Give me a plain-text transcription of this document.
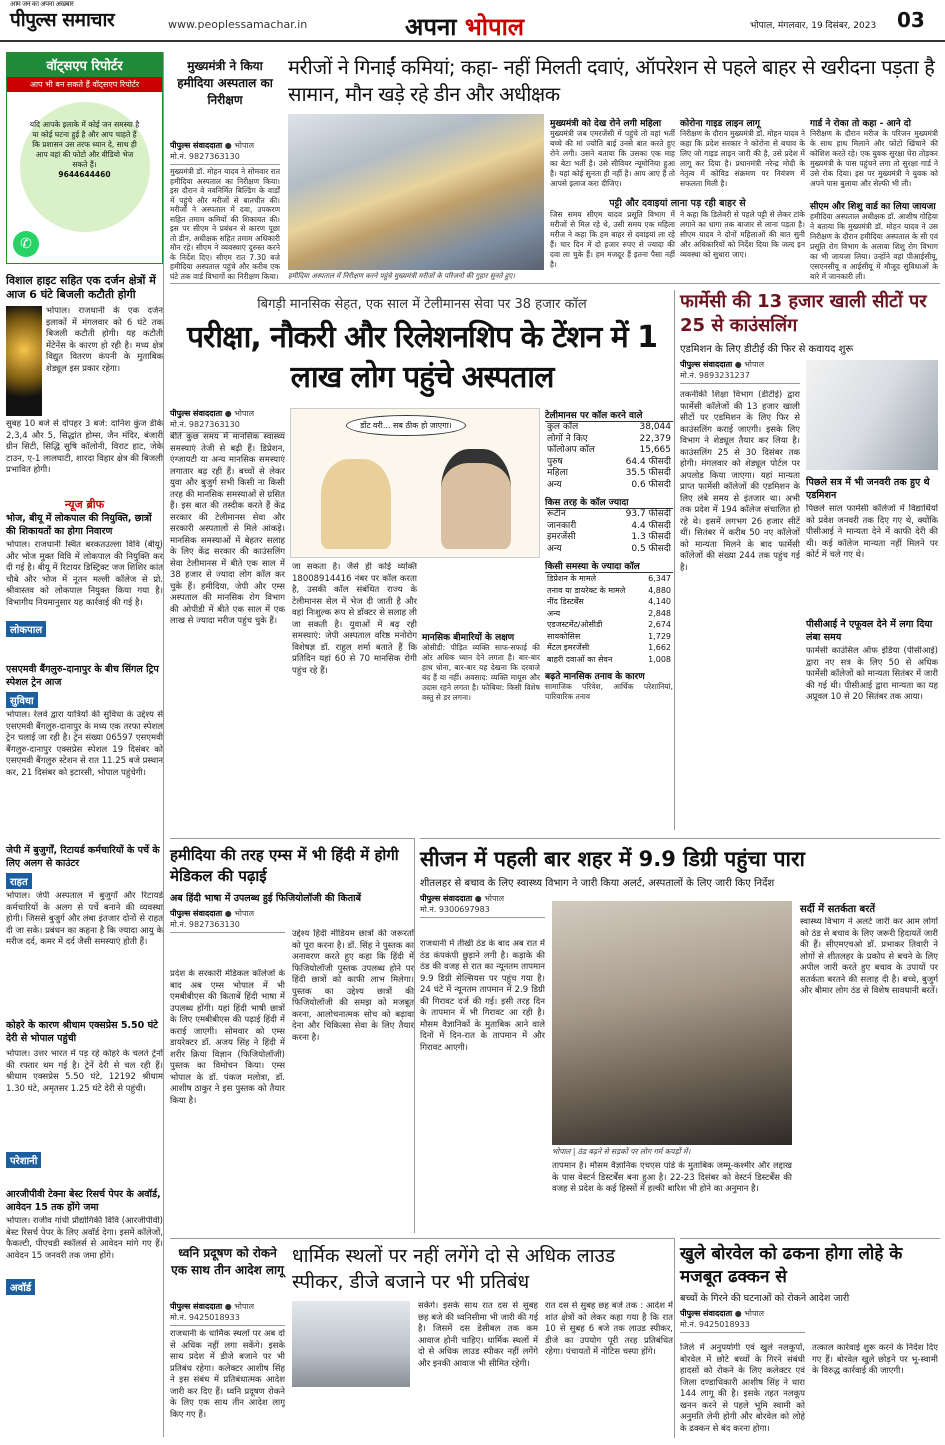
आम जन का अपना अखबार
पीपुल्स समाचार	www.peoplessamachar.in	अपना भोपाल	भोपाल, मंगलवार, 19 दिसंबर, 2023 03
वॉट्सएप रिपोर्टर
आप भी बन सकते हैं वॉट्सएप रिपोर्टर
यदि आपके इलाके में कोई जन समस्या है या कोई घटना हुई है और आप चाहते हैं कि प्रशासन उस तरफ ध्यान दे, साथ ही आप वहां की फोटो और वीडियो भेज सकते हैं।
9644644460
✆
विशाल हाइट सहित एक दर्जन क्षेत्रों में आज 6 घंटे बिजली कटौती होगी
भोपाल। राजधानी के एक दर्जन इलाकों में मंगलवार को 6 घंटे तक बिजली कटौती होगी। यह कटौती मेंटेनेंस के कारण हो रही है। मध्य क्षेत्र विद्युत वितरण कंपनी के मुताबिक शेड्यूल इस प्रकार रहेगा।
सुबह 10 बजे से दोपहर 3 बजे: दानिश कुंज डीके 2,3,4 और 5, सिद्धांत होम्स, जैन मंदिर, बंजारी ग्रीन सिटी, सिद्धि सुषि कॉलोनी, विराट हाट, जेके टाउन, ए-1 लालघाटी, शारदा विहार क्षेत्र की बिजली प्रभावित होगी।
न्यूज ब्रीफ
भोज, बीयू में लोकपाल की नियुक्ति, छात्रों की शिकायतों का होगा निवारण
भोपाल। राजधानी स्थित बरकतउल्ला विवि (बीयू) और भोज मुक्त विवि में लोकपाल की नियुक्ति कर दी गई है। बीयू में रिटायर डिस्ट्रिक्ट जज शिशिर कांत चौबे और भोज में नूतन मल्ली कॉलेज से प्रो. श्रीवास्तव को लोकपाल नियुक्त किया गया है। विभागीय नियमानुसार यह कार्रवाई की गई है।
लोकपाल
एसएमवी बैंगलुरु-दानापुर के बीच सिंगल ट्रिप स्पेशल ट्रेन आज
सुविधा
भोपाल। रेलवे द्वारा यात्रियों की सुविधा के उद्देश्य से एसएमवी बैंगलुरु-दानापुर के मध्य एक तरफा स्पेशल ट्रेन चलाई जा रही है। ट्रेन संख्या 06597 एसएमवी बैंगलुरु-दानापुर एक्सप्रेस स्पेशल 19 दिसंबर को एसएमवी बैंगलुरु स्टेशन से रात 11.25 बजे प्रस्थान कर, 21 दिसंबर को इटारसी, भोपाल पहुंचेगी।
जेपी में बुजुर्गों, रिटायर्ड कर्मचारियों के पर्चे के लिए अलग से काउंटर
राहत
भोपाल। जेपी अस्पताल में बुजुर्गों और रिटायर्ड कर्मचारियों के अलग से पर्चे बनाने की व्यवस्था होगी। जिससे बुजुर्ग और लंबा इंतजार दोनों से राहत दी जा सके। प्रबंधन का कहना है कि ज्यादा आयु के मरीज दर्द, कमर में दर्द जैसी समस्याएं होती हैं।
कोहरे के कारण श्रीधाम एक्सप्रेस 5.50 घंटे देरी से भोपाल पहुंची
भोपाल। उत्तर भारत में पड़ रहे कोहरे के चलते ट्रेनों की रफ्तार थम गई है। ट्रेनें देरी से चल रही हैं। श्रीधाम एक्सप्रेस 5.50 घंटे, 12192 श्रीधाम 1.30 घंटे, अमृतसर 1.25 घंटे देरी से पहुंची।
परेशानी
आरजीपीवी टेक्ना बेस्ट रिसर्च पेपर के अवॉर्ड, आवेदन 15 तक होंगे जमा
भोपाल। राजीव गांधी प्रौद्योगिकी विवि (आरजीपीवी) बेस्ट रिसर्च पेपर के लिए अवॉर्ड देगा। इसमें कॉलेजों, फैकल्टी, पीएचडी स्कॉलर्स से आवेदन मांगे गए हैं। आवेदन 15 जनवरी तक जमा होंगे।
अवॉर्ड
मुख्यमंत्री ने किया हमीदिया अस्पताल का निरीक्षण
मरीजों ने गिनाईं कमियां; कहा- नहीं मिलती दवाएं, ऑपरेशन से पहले बाहर से खरीदना पड़ता है सामान, मौन खड़े रहे डीन और अधीक्षक
पीपुल्स संवाददाता ● भोपाल
मो.नं. 9827363130
मुख्यमंत्री डॉ. मोहन यादव ने सोमवार रात हमीदिया अस्पताल का निरीक्षण किया। इस दौरान वे नवनिर्मित बिल्डिंग के वार्डों में पहुंचे और मरीजों से बातचीत की। मरीजों ने अस्पताल में दवा, उपकरण सहित तमाम कमियों की शिकायत की। इस पर सीएम ने प्रबंधन से कारण पूछा तो डीन, अधीक्षक सहित तमाम अधिकारी मौन रहे। सीएम ने व्यवस्थाएं दुरुस्त करने के निर्देश दिए। सीएम रात 7.30 बजे हमीदिया अस्पताल पहुंचे और करीब एक घंटे तक वार्ड विभागों का निरीक्षण किया। हमीदिया अस्पताल में निरीक्षण करने पहुंचे मुख्यमंत्री मरीजों के परिजनों की गुहार सुनते हुए।
मुख्यमंत्री को देख रोने लगी महिला
मुख्यमंत्री जब एमरजेंसी में पहुंचे तो वहां भर्ती बच्चे की मां ज्योति बाई उनसे बात करते हुए रोने लगी। उसने बताया कि उसका एक माह का बेटा भर्ती है। उसे सीवियर न्यूमोनिया हुआ है। यहां कोई सुनता ही नहीं है। आप आए हैं तो आपसे इलाज करा दीजिए।
कोरोना गाइड लाइन लागू
निरीक्षण के दौरान मुख्यमंत्री डॉ. मोहन यादव ने कहा कि प्रदेश सरकार ने कोरोना से बचाव के लिए जो गाइड लाइन जारी की है, उसे प्रदेश में लागू कर दिया है। प्रधानमंत्री नरेन्द्र मोदी के नेतृत्व में कोविड संक्रमण पर नियंत्रण में सफलता मिली है।
पट्टी और दवाइयां लाना पड़ रही बाहर से
जिस समय सीएम यादव प्रसूति विभाग में मरीजों से मिल रहे थे, उसी समय एक महिला मरीज ने कहा कि हम बाहर से दवाइयां ला रहे हैं। चार दिन में दो हजार रुपए से ज्यादा की दवा ला चुके हैं। हम मजदूर हैं इतना पैसा नहीं है।
ने कहा कि डिलेवरी से पहले पट्टी से लेकर टांके लगाने का धागा तक बाजार से लाना पड़ता है। सीएम यादव ने दोनों महिलाओं की बात सुनी और अधिकारियों को निर्देश दिया कि जल्द इन व्यवस्था को सुधारा जाए।
गार्ड ने रोका तो कहा - आने दो
निरीक्षण के दौरान मरीज के परिजन मुख्यमंत्री के साथ हाथ मिलाने और फोटो खिंचाने की कोशिश करते रहे। एक युवक सुरक्षा घेरा तोड़कर मुख्यमंत्री के पास पहुंचने लगा तो सुरक्षा गार्ड ने उसे रोक दिया। इस पर मुख्यमंत्री ने युवक को अपने पास बुलाया और सेल्फी भी ली।
सीएम और शिशु वार्ड का लिया जायजा
हमीदिया अस्पताल अधीक्षक डॉ. आशीष गोहिया ने बताया कि मुख्यमंत्री डॉ. मोहन यादव ने उस निरीक्षण के दौरान हमीदिया अस्पताल के सी एवं प्रसूति रोग विभाग के अलावा शिशु रोग विभाग का भी जायजा लिया। उन्होंने वहां पीआईसीयू, एसएनसीयू व आईसीयू में मौजूद सुविधाओं के बारे में जानकारी ली।
बिगड़ी मानसिक सेहत, एक साल में टेलीमानस सेवा पर 38 हजार कॉल
परीक्षा, नौकरी और रिलेशनशिप के टेंशन में 1 लाख लोग पहुंचे अस्पताल
पीपुल्स संवाददाता ● भोपाल
मो.नं. 9827363130	डोंट वरी... सब ठीक हो जाएगा।
बीते कुछ समय में मानसिक स्वास्थ्य समस्याएं तेजी से बढ़ी हैं। डिप्रेशन, एंग्जायटी या अन्य मानसिक समस्याएं लगातार बढ़ रही हैं। बच्चों से लेकर युवा और बुजुर्ग सभी किसी ना किसी तरह की मानसिक समस्याओं से ग्रसित हैं। इस बात की तस्दीक करते हैं केंद्र सरकार की टेलीमानस सेवा और सरकारी अस्पतालों से मिले आंकड़े। मानसिक समस्याओं में बेहतर सलाह के लिए केंद्र सरकार की काउंसलिंग सेवा टेलीमानस में बीते एक साल में 38 हजार से ज्यादा लोग कॉल कर चुके हैं। हमीदिया, जेपी और एम्स अस्पताल की मानसिक रोग विभाग की ओपीडी में बीते एक साल में एक लाख से ज्यादा मरीज पहुंच चुके हैं।
जा सकता है। जैसे ही कोई व्यक्ति 18008914416 नंबर पर कॉल करता है, उसकी कॉल संबंधित राज्य के टेलीमानस सेल में भेज दी जाती है और वहां निःशुल्क रूप से डॉक्टर से सलाह ली जा सकती है। युवाओं में बढ़ रही समस्याएं: जेपी अस्पताल वरिष्ठ मनोरोग विशेषज्ञ डॉ. राहुल शर्मा बताते हैं कि प्रतिदिन यहां 60 से 70 मानसिक रोगी पहुंच रहे हैं।
मानसिक बीमारियों के लक्षण
ओसीडी: पीड़ित व्यक्ति साफ-सफाई की ओर अधिक ध्यान देने लगता है। बार-बार हाथ धोना, बार-बार यह देखना कि दरवाजे बंद हैं या नहीं। अवसाद: व्यक्ति मायूस और उदास रहने लगता है। फोबिया: किसी विशेष वस्तु से डर लगना।
टेलीमानस पर कॉल करने वाले
कुल कॉल	38,044
लोगों ने किए	22,379
फॉलोअप कॉल	15,665
पुरुष	64.4 फीसदी
महिला	35.5 फीसदी
अन्य	0.6 फीसदी
किस तरह के कॉल ज्यादा
रूटीन	93.7 फीसदी
जानकारी	4.4 फीसदी
इमरजेंसी	1.3 फीसदी
अन्य	0.5 फीसदी
किसी समस्या के ज्यादा कॉल
डिप्रेशन के मामले	6,347
तनाव या डायरेक्ट के मामले	4,880
नींद डिस्टर्बेंस	4,140
अन्य	2,848
एडजस्टमेंट/ओसीडी	2,674
सायकोसिस	1,729
मेंटल इमरजेंसी	1,662
बाहरी दवाओं का सेवन	1,008
बढ़ते मानसिक तनाव के कारण
सामाजिक परिवेश, आर्थिक परेशानियां, पारिवारिक तनाव
फार्मेसी की 13 हजार खाली सीटों पर 25 से काउंसलिंग
एडमिशन के लिए डीटीई की फिर से कवायद शुरू
पीपुल्स संवाददाता ● भोपाल
मो.नं. 9893231237
तकनीकी शिक्षा विभाग (डीटीई) द्वारा फार्मेसी कॉलेजों की 13 हजार खाली सीटों पर एडमिशन के लिए फिर से काउंसलिंग कराई जाएगी। इसके लिए विभाग ने शेड्यूल तैयार कर लिया है। काउंसलिंग 25 से 30 दिसंबर तक होगी। मंगलवार को शेड्यूल पोर्टल पर अपलोड किया जाएगा। यहां मान्यता प्राप्त फार्मेसी कॉलेजों की एडमिशन के लिए लंबे समय से इंतजार था। अभी तक प्रदेश में 194 कॉलेज संचालित हो रहे थे। इसमें लगभग 26 हजार सीटें थीं। सितंबर में करीब 50 नए कॉलेजों को मान्यता मिलने के बाद फार्मेसी कॉलेजों की संख्या 244 तक पहुंच गई है।
पिछले सत्र में भी जनवरी तक हुए थे एडमिशन
पिछले साल फार्मेसी कॉलेजों में विद्यार्थियों को प्रवेश जनवरी तक दिए गए थे, क्योंकि पीसीआई ने मान्यता देने में काफी देरी की थी। कई कॉलेज मान्यता नहीं मिलने पर कोर्ट में चले गए थे।
पीसीआई ने एफूवल देने में लगा दिया लंबा समय
फार्मेसी काउंसिल ऑफ इंडिया (पीसीआई) द्वारा नए सत्र के लिए 50 से अधिक फार्मेसी कॉलेजों को मान्यता सितंबर में जारी की गई थी। पीसीआई द्वारा मान्यता का यह अप्रूवल 10 से 20 सितंबर तक आया।
हमीदिया की तरह एम्स में भी हिंदी में होगी मेडिकल की पढ़ाई
अब हिंदी भाषा में उपलब्ध हुई फिजियोलॉजी की किताबें
पीपुल्स संवाददाता ● भोपाल
मो.नं. 9827363130
प्रदेश के सरकारी मेडिकल कॉलेजों के बाद अब एम्स भोपाल में भी एमबीबीएस की किताबें हिंदी भाषा में उपलब्ध होंगी। यहां हिंदी भाषी छात्रों के लिए एमबीबीएस की पढ़ाई हिंदी में कराई जाएगी। सोमवार को एम्स डायरेक्टर डॉ. अजय सिंह ने हिंदी में शरीर क्रिया विज्ञान (फिजियोलॉजी) पुस्तक का विमोचन किया। एम्स भोपाल के डॉ. पंकज मलोत्रा, डॉ. आशीष ठाकुर ने इस पुस्तक को तैयार किया है।
उद्देश्य हिंदी मीडियम छात्रों की जरूरतों को पूरा करना है। डॉ. सिंह ने पुस्तक का अनावरण करते हुए कहा कि हिंदी में फिजियोलॉजी पुस्तक उपलब्ध होने पर हिंदी छात्रों को काफी लाभ मिलेगा। पुस्तक का उद्देश्य छात्रों की फिजियोलॉजी की समझ को मजबूत करना, आलोचनात्मक सोच को बढ़ावा देना और चिकित्सा सेवा के लिए तैयार करना है।
सीजन में पहली बार शहर में 9.9 डिग्री पहुंचा पारा
शीतलहर से बचाव के लिए स्वास्थ्य विभाग ने जारी किया अलर्ट, अस्पतालों के लिए जारी किए निर्देश
पीपुल्स संवाददाता ● भोपाल
मो.नं. 9300697983
राजधानी में तीखी ठंड के बाद अब रात में ठंड कंपकंपी छुड़ाने लगी है। कड़ाके की ठंड की वजह से रात का न्यूनतम तापमान 9.9 डिग्री सेल्सियस पर पहुंच गया है। 24 घंटे में न्यूनतम तापमान में 2.9 डिग्री की गिरावट दर्ज की गई। इसी तरह दिन के तापमान में भी गिरावट आ रही है। मौसम वैज्ञानिकों के मुताबिक आने वाले दिनों में दिन-रात के तापमान में और गिरावट आएगी।
भोपाल | ठंड बढ़ने से सड़कों पर लोग गर्म कपड़ों में।
तापमान है। मौसम वैज्ञानिक एचएस पांडे के मुताबिक जम्मू-कश्मीर और लद्दाख के पास वेस्टर्न डिस्टर्बेंस बना हुआ है। 22-23 दिसंबर को वेस्टर्न डिस्टर्बेंस की वजह से प्रदेश के कई हिस्सों में हल्की बारिश भी होने का अनुमान है।
सर्दी में सतर्कता बरतें
स्वास्थ्य विभाग ने अलर्ट जारी कर आम लोगों को ठंड से बचाव के लिए जरूरी हिदायतें जारी की हैं। सीएमएचओ डॉ. प्रभाकर तिवारी ने लोगों से शीतलहर के प्रकोप से बचने के लिए अपील जारी करते हुए बचाव के उपायों पर सतर्कता बरतने की सलाह दी है। बच्चे, बुजुर्ग और बीमार लोग ठंड से विशेष सावधानी बरतें।
ध्वनि प्रदूषण को रोकने एक साथ तीन आदेश लागू
धार्मिक स्थलों पर नहीं लगेंगे दो से अधिक लाउड स्पीकर, डीजे बजाने पर भी प्रतिबंध
पीपुल्स संवाददाता ● भोपाल
मो.नं. 9425018933
राजधानी के धार्मिक स्थलों पर अब दो से अधिक नहीं लगा सकेंगे। इसके साथ प्रदेश में डीजे बजाने पर भी प्रतिबंध रहेगा। कलेक्टर आशीष सिंह ने इस संबंध में प्रतिबंधात्मक आदेश जारी कर दिए हैं। ध्वनि प्रदूषण रोकने के लिए एक साथ तीन आदेश लागू किए गए हैं।
सकेंगे। इसके साथ रात दस से सुबह छह बजे की ध्वनिसीमा भी जारी की गई है। जिसमें दस डेसीबल तक कम आवाज होनी चाहिए। धार्मिक स्थलों में दो से अधिक लाउड स्पीकर नहीं लगेंगे और इनकी आवाज भी सीमित रहेगी।
रात दस से सुबह छह बजे तक : आदेश में शांत क्षेत्रों को लेकर कहा गया है कि रात 10 से सुबह 6 बजे तक लाउड स्पीकर, डीजे का उपयोग पूरी तरह प्रतिबंधित रहेगा। पंचायतों में नोटिस चस्पा होंगे।
खुले बोरवेल को ढकना होगा लोहे के मजबूत ढक्कन से
बच्चों के गिरने की घटनाओं को रोकने आदेश जारी
पीपुल्स संवाददाता ● भोपाल
मो.नं. 9425018933
जिले में अनुपयोगी एवं खुले नलकूपों, बोरवेल में छोटे बच्चों के गिरने संबंधी हादसों को रोकने के लिए कलेक्टर एवं जिला दण्डाधिकारी आशीष सिंह ने धारा 144 लागू की है। इसके तहत नलकूप खनन करने से पहले भूमि स्वामी को अनुमति लेनी होगी और बोरवेल को लोहे के ढक्कन से बंद करना होगा।
तत्काल कार्रवाई शुरू करने के निर्देश दिए गए हैं। बोरवेल खुले छोड़ने पर भू-स्वामी के विरुद्ध कार्रवाई की जाएगी।
